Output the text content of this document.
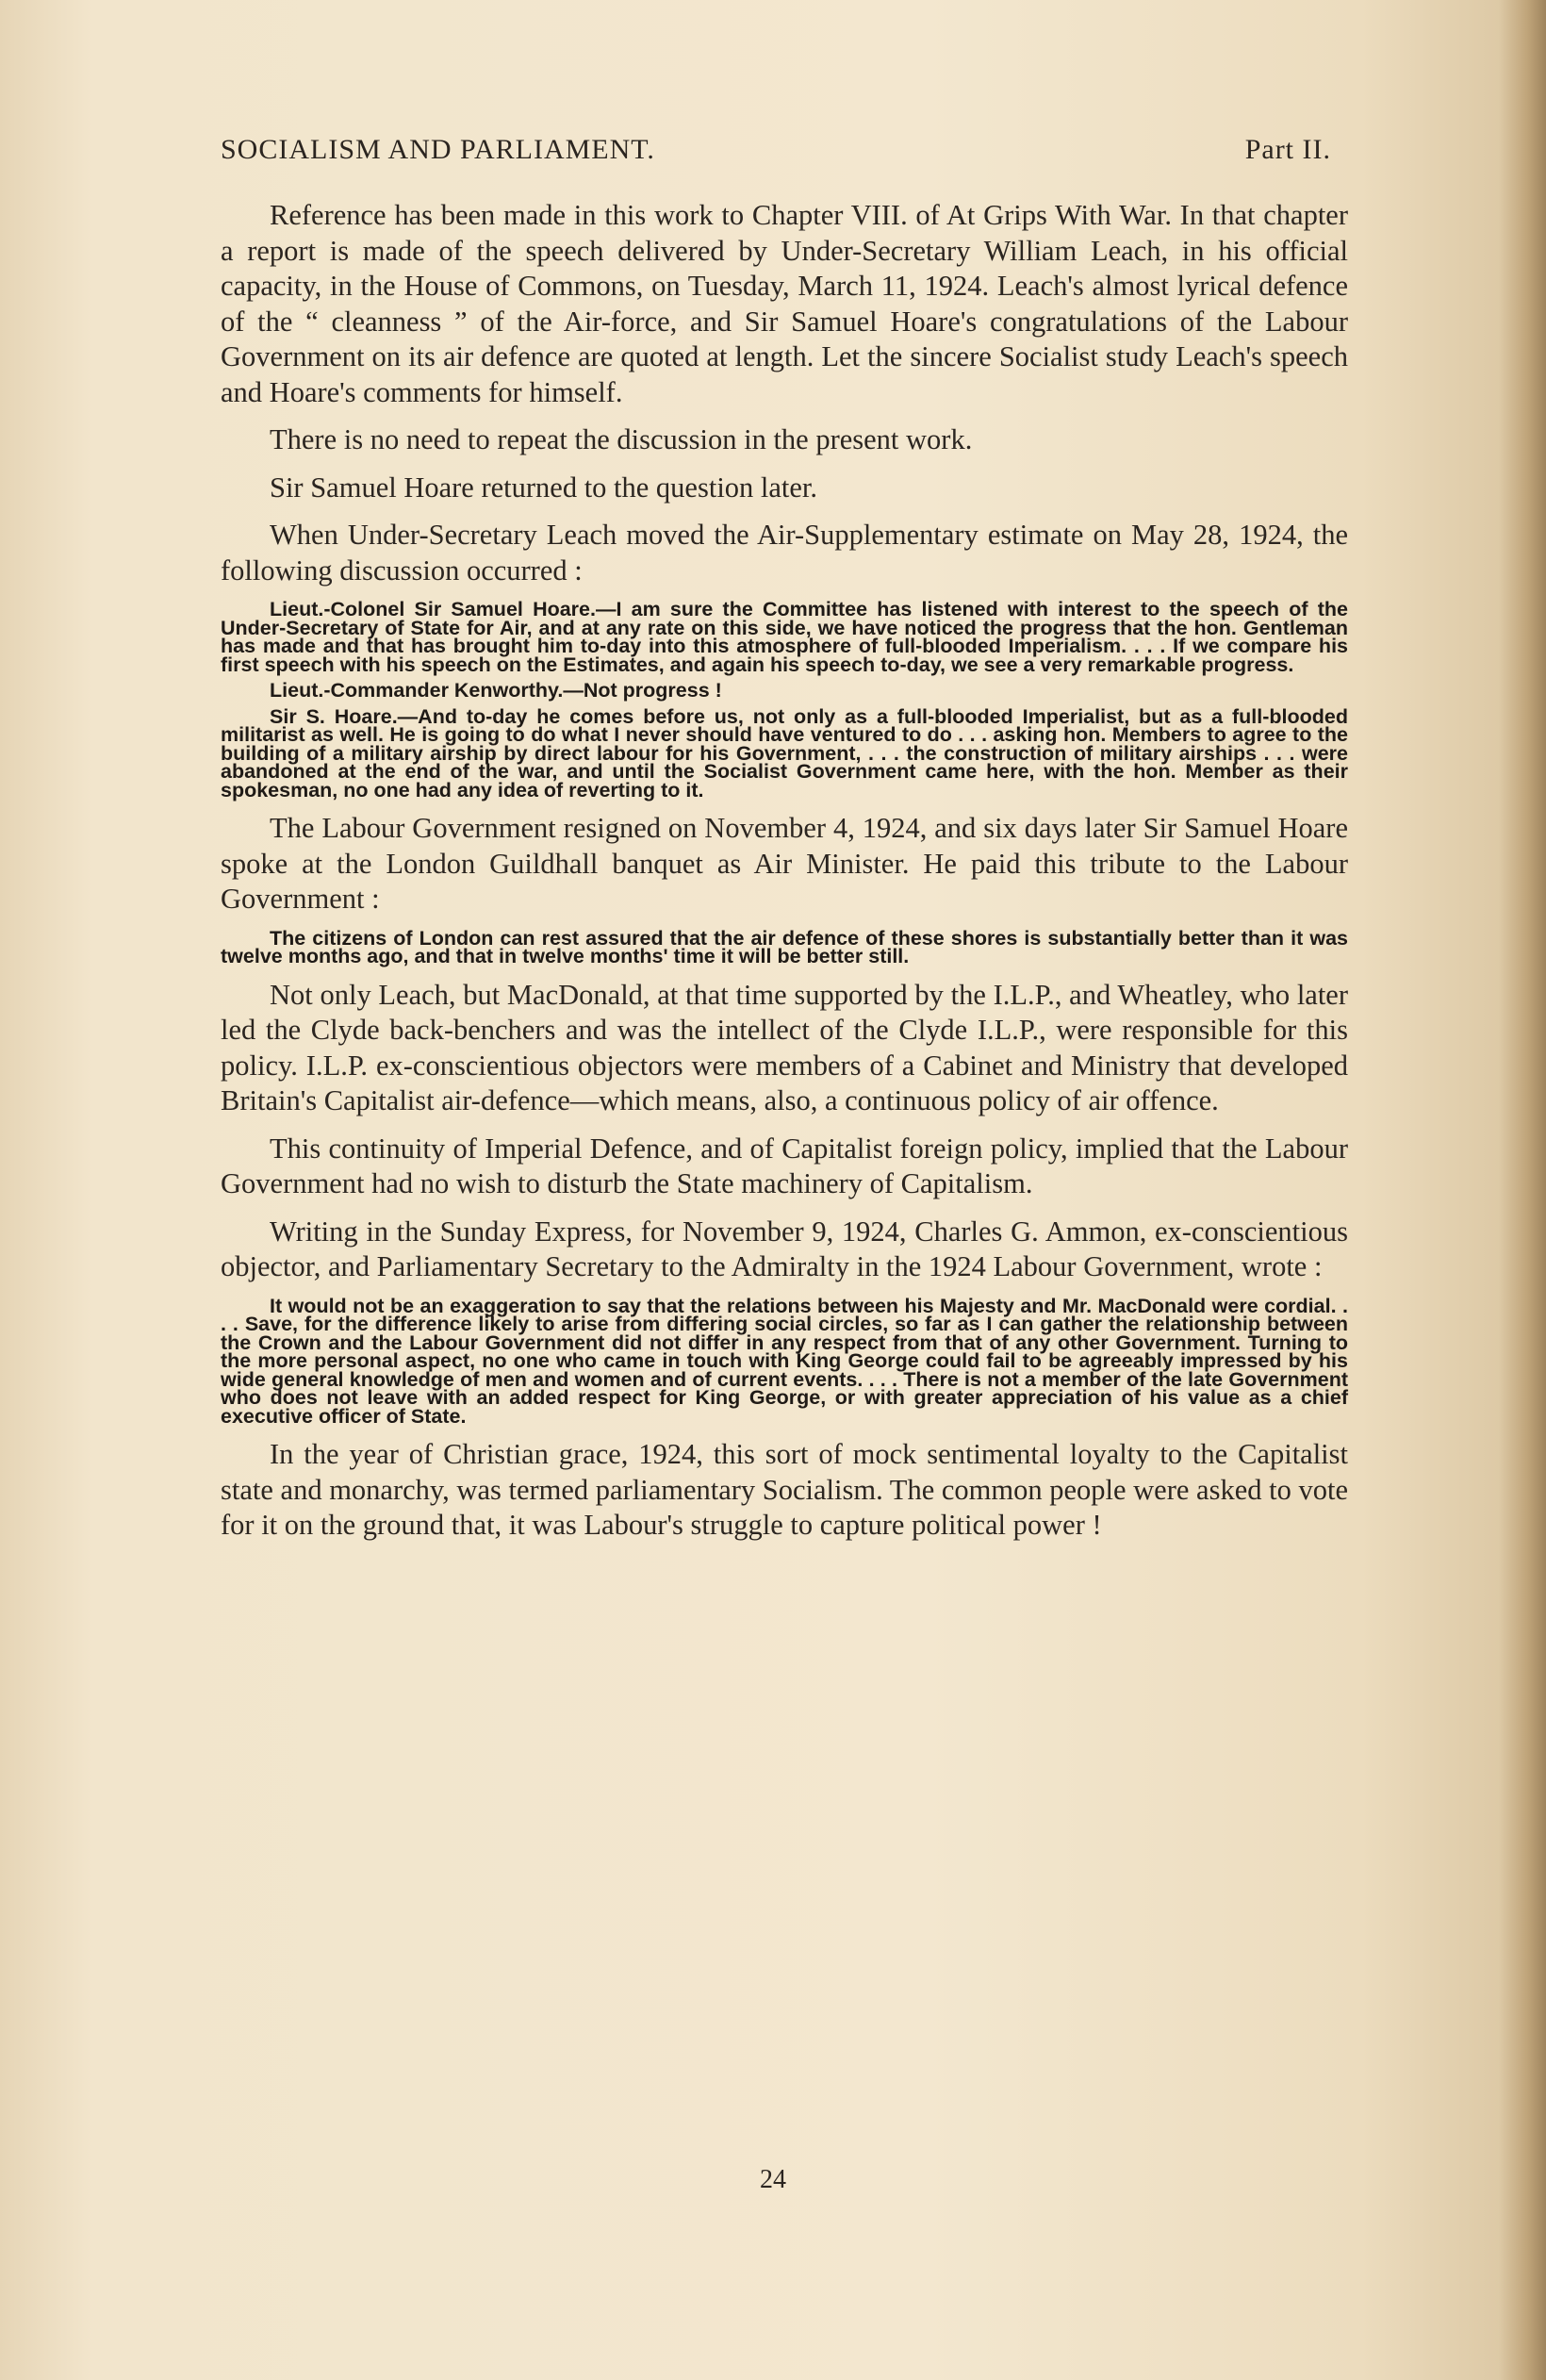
SOCIALISM AND PARLIAMENT.	Part II.

Reference has been made in this work to Chapter VIII. of At Grips With War. In that chapter a report is made of the speech delivered by Under-Secretary William Leach, in his official capacity, in the House of Commons, on Tuesday, March 11, 1924. Leach's almost lyrical defence of the “ cleanness ” of the Air-force, and Sir Samuel Hoare's congratulations of the Labour Government on its air defence are quoted at length. Let the sincere Socialist study Leach's speech and Hoare's comments for himself.

There is no need to repeat the discussion in the present work.

Sir Samuel Hoare returned to the question later.

When Under-Secretary Leach moved the Air-Supplementary estimate on May 28, 1924, the following discussion occurred :

Lieut.-Colonel Sir Samuel Hoare.—I am sure the Committee has listened with interest to the speech of the Under-Secretary of State for Air, and at any rate on this side, we have noticed the progress that the hon. Gentleman has made and that has brought him to-day into this atmosphere of full-blooded Imperialism. . . . If we compare his first speech with his speech on the Estimates, and again his speech to-day, we see a very remarkable progress.

Lieut.-Commander Kenworthy.—Not progress !

Sir S. Hoare.—And to-day he comes before us, not only as a full-blooded Imperialist, but as a full-blooded militarist as well. He is going to do what I never should have ventured to do . . . asking hon. Members to agree to the building of a military airship by direct labour for his Government, . . . the construction of military airships . . . were abandoned at the end of the war, and until the Socialist Government came here, with the hon. Member as their spokesman, no one had any idea of reverting to it.

The Labour Government resigned on November 4, 1924, and six days later Sir Samuel Hoare spoke at the London Guildhall banquet as Air Minister. He paid this tribute to the Labour Government :

The citizens of London can rest assured that the air defence of these shores is substantially better than it was twelve months ago, and that in twelve months' time it will be better still.

Not only Leach, but MacDonald, at that time supported by the I.L.P., and Wheatley, who later led the Clyde back-benchers and was the intellect of the Clyde I.L.P., were responsible for this policy. I.L.P. ex-conscientious objectors were members of a Cabinet and Ministry that developed Britain's Capitalist air-defence—which means, also, a continuous policy of air offence.

This continuity of Imperial Defence, and of Capitalist foreign policy, implied that the Labour Government had no wish to disturb the State machinery of Capitalism.

Writing in the Sunday Express, for November 9, 1924, Charles G. Ammon, ex-conscientious objector, and Parliamentary Secretary to the Admiralty in the 1924 Labour Government, wrote :

It would not be an exaggeration to say that the relations between his Majesty and Mr. MacDonald were cordial. . . . Save, for the difference likely to arise from differing social circles, so far as I can gather the relationship between the Crown and the Labour Government did not differ in any respect from that of any other Government. Turning to the more personal aspect, no one who came in touch with King George could fail to be agreeably impressed by his wide general knowledge of men and women and of current events. . . . There is not a member of the late Government who does not leave with an added respect for King George, or with greater appreciation of his value as a chief executive officer of State.

In the year of Christian grace, 1924, this sort of mock sentimental loyalty to the Capitalist state and monarchy, was termed parliamentary Socialism. The common people were asked to vote for it on the ground that, it was Labour's struggle to capture political power !

24
